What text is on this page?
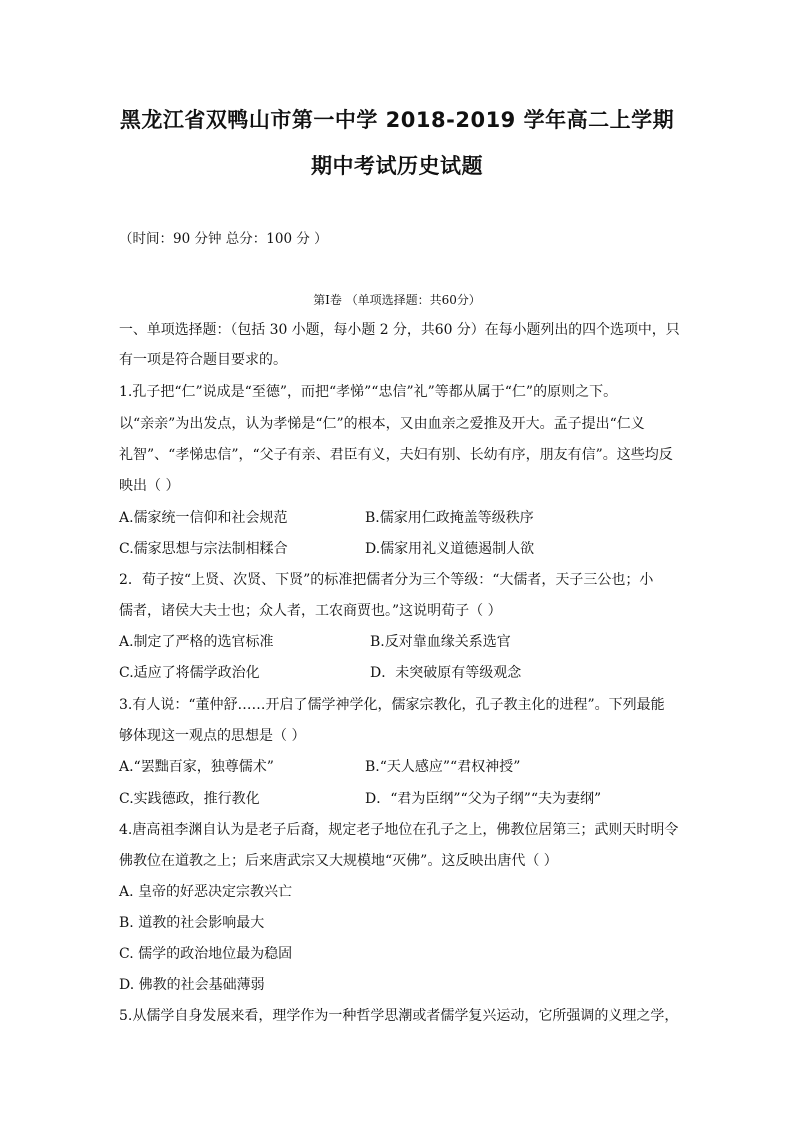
黑龙江省双鸭山市第一中学 2018-2019 学年高二上学期
期中考试历史试题
（时间：90 分钟 总分：100 分 ）
第Ⅰ卷 （单项选择题：共60分）
一、单项选择题：（包括 30 小题，每小题 2 分，共60 分）在每小题列出的四个选项中，只
有一项是符合题目要求的。
1.孔子把“仁”说成是“至德”，而把“孝悌”“忠信”礼”等都从属于“仁”的原则之下。
以“亲亲”为出发点，认为孝悌是“仁”的根本，又由血亲之爱推及开大。孟子提出“仁义
礼智”、“孝悌忠信”，“父子有亲、君臣有义，夫妇有别、长幼有序，朋友有信”。这些均反
映出（ ）
A.儒家统一信仰和社会规范	B.儒家用仁政掩盖等级秩序
C.儒家思想与宗法制相糅合	D.儒家用礼义道德遏制人欲
2．荀子按“上贤、次贤、下贤”的标准把儒者分为三个等级：“大儒者，天子三公也；小
儒者，诸侯大夫士也；众人者，工农商贾也。”这说明荀子（ ）
A.制定了严格的选官标准	B.反对靠血缘关系选官
C.适应了将儒学政治化	D．未突破原有等级观念
3.有人说：“董仲舒……开启了儒学神学化，儒家宗教化，孔子教主化的进程”。下列最能
够体现这一观点的思想是（ ）
A.“罢黜百家，独尊儒术”	B.“天人感应”“君权神授”
C.实践德政，推行教化	D．“君为臣纲”“父为子纲”“夫为妻纲”
4.唐高祖李渊自认为是老子后裔，规定老子地位在孔子之上，佛教位居第三；武则天时明令
佛教位在道教之上；后来唐武宗又大规模地“灭佛”。这反映出唐代（ ）
A. 皇帝的好恶决定宗教兴亡
B. 道教的社会影响最大
C. 儒学的政治地位最为稳固
D. 佛教的社会基础薄弱
5.从儒学自身发展来看，理学作为一种哲学思潮或者儒学复兴运动，它所强调的义理之学，
